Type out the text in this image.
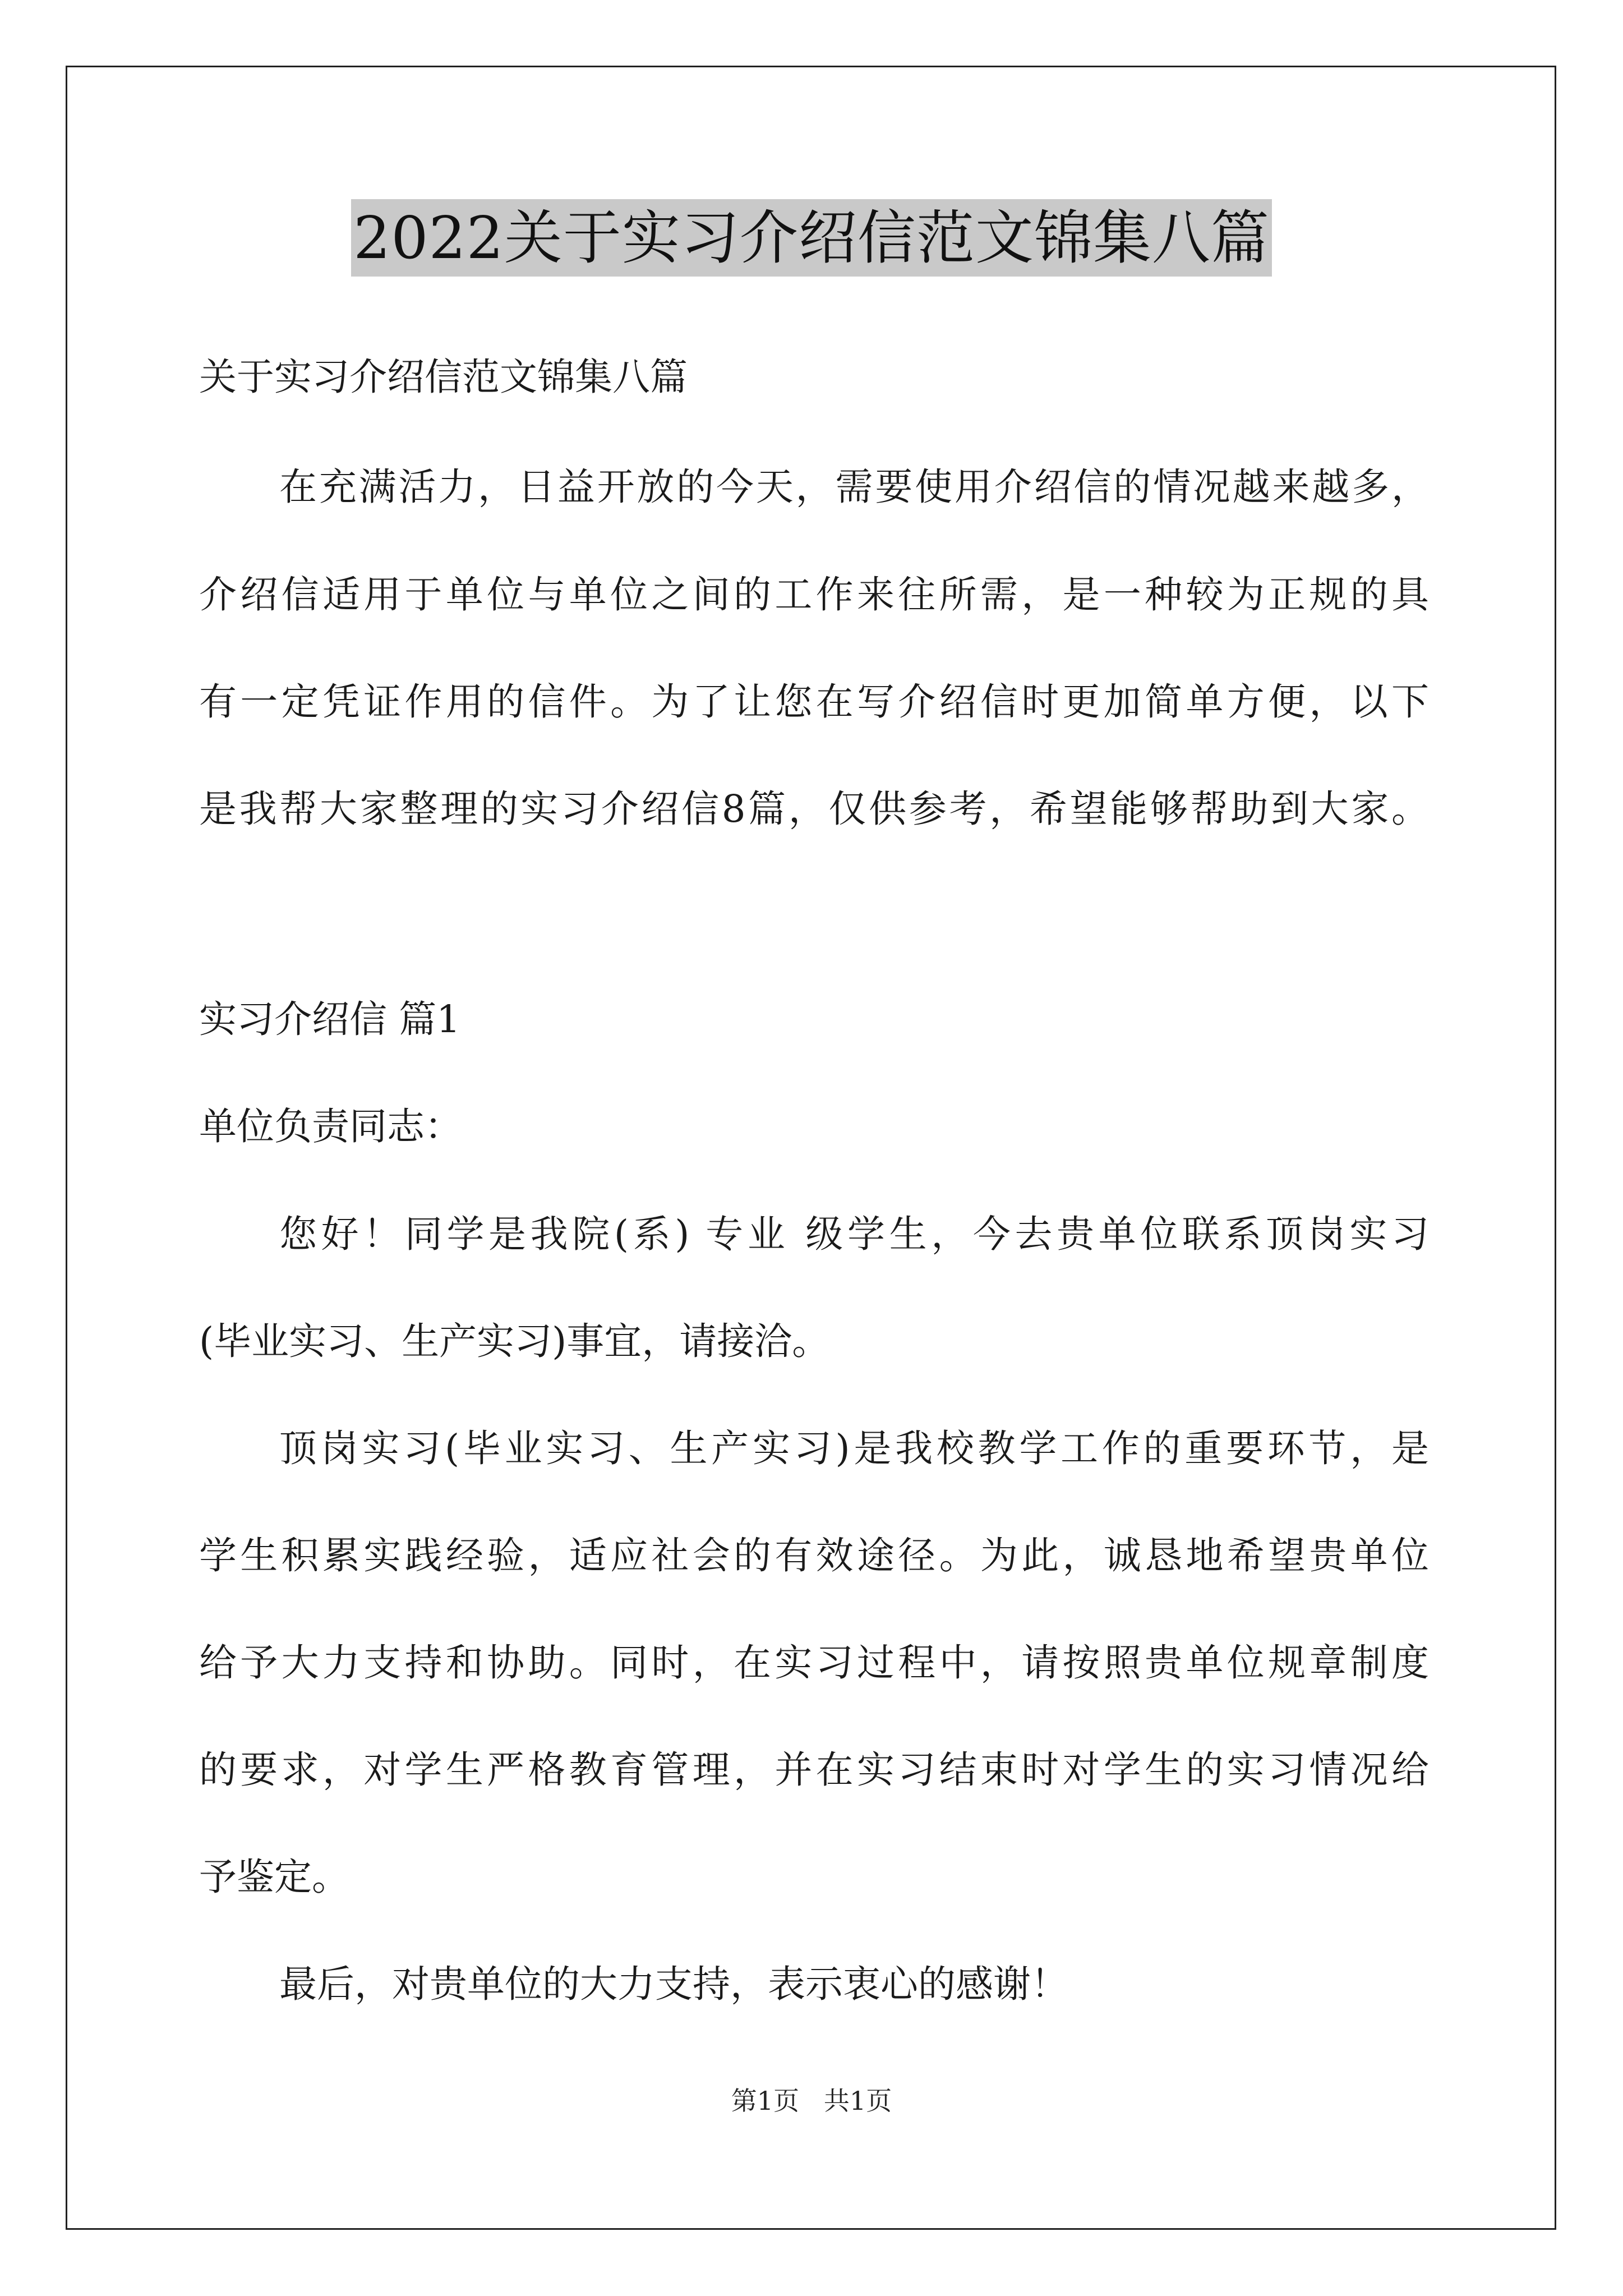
2022关于实习介绍信范文锦集八篇
关于实习介绍信范文锦集八篇
在充满活力，日益开放的今天，需要使用介绍信的情况越来越多，
介绍信适用于单位与单位之间的工作来往所需，是一种较为正规的具
有一定凭证作用的信件。为了让您在写介绍信时更加简单方便，以下
是我帮大家整理的实习介绍信8篇，仅供参考，希望能够帮助到大家。
实习介绍信 篇1
单位负责同志：
您好！同学是我院(系) 专业 级学生，今去贵单位联系顶岗实习
(毕业实习、生产实习)事宜，请接洽。
顶岗实习(毕业实习、生产实习)是我校教学工作的重要环节，是
学生积累实践经验，适应社会的有效途径。为此，诚恳地希望贵单位
给予大力支持和协助。同时，在实习过程中，请按照贵单位规章制度
的要求，对学生严格教育管理，并在实习结束时对学生的实习情况给
予鉴定。
最后，对贵单位的大力支持，表示衷心的感谢！
第1页   共1页
